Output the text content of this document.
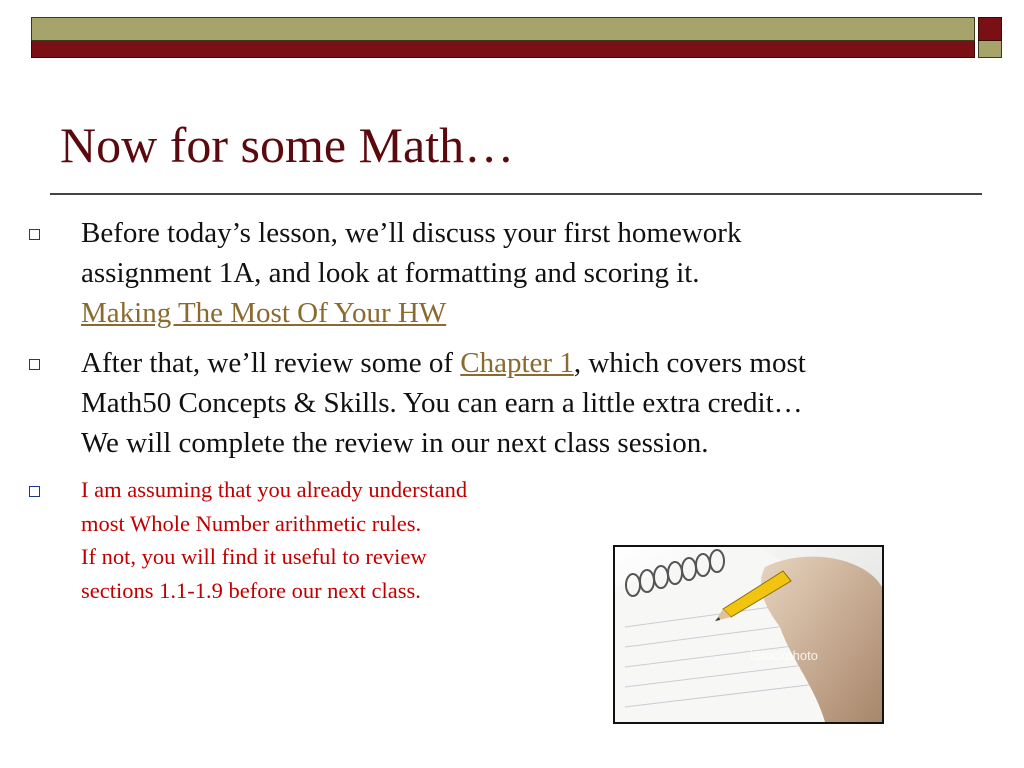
Now for some Math…
Before today’s lesson, we’ll discuss your first homework
assignment 1A, and look at formatting and scoring it.
Making The Most Of Your HW
After that, we’ll review some of Chapter 1, which covers most
Math50 Concepts & Skills. You can earn a little extra credit…
We will complete the review in our next class session.
I am assuming that you already understand
most Whole Number arithmetic rules.
If not, you will find it useful to review
sections 1.1-1.9 before our next class.
iStockphoto
